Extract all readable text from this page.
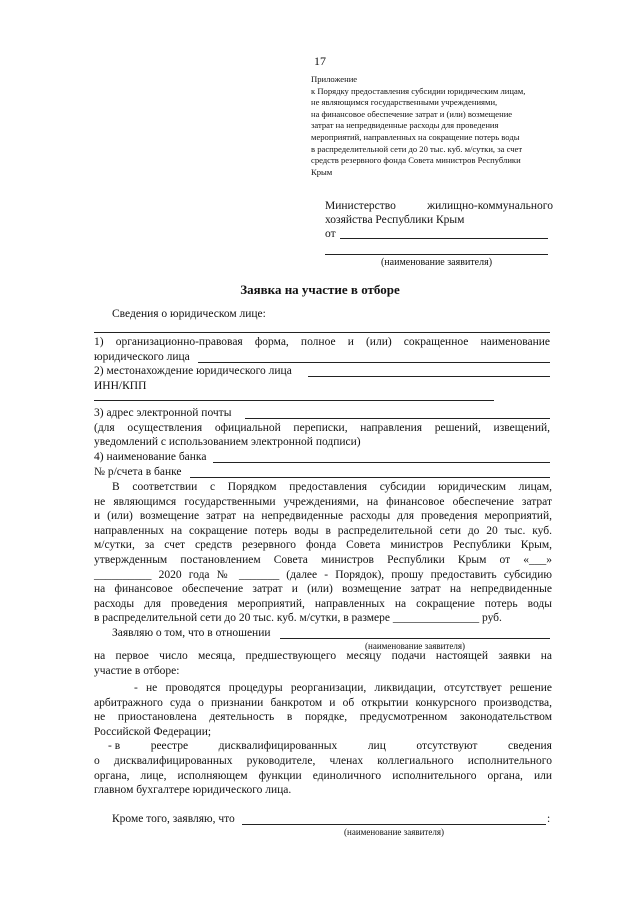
17
Приложение
к Порядку предоставления субсидии юридическим лицам,
не являющимся государственными учреждениями,
на финансовое обеспечение затрат и (или) возмещение
затрат на непредвиденные расходы для проведения
мероприятий, направленных на сокращение потерь воды
в распределительной сети до 20 тыс. куб. м/сутки, за счет
средств резервного фонда Совета министров Республики
Крым
Министерство	жилищно-коммунального
хозяйства Республики Крым
от
(наименование заявителя)
Заявка на участие в отборе
Сведения о юридическом лице:
1) организационно-правовая форма, полное и (или) сокращенное наименование
юридического лица
2) местонахождение юридического лица
ИНН/КПП
3) адрес электронной почты
(для осуществления официальной переписки, направления решений, извещений,
уведомлений с использованием электронной подписи)
4) наименование банка
№ р/счета в банке
В соответствии с Порядком предоставления субсидии юридическим лицам,
не являющимся государственными учреждениями, на финансовое обеспечение затрат
и (или) возмещение затрат на непредвиденные расходы для проведения мероприятий,
направленных на сокращение потерь воды в распределительной сети до 20 тыс. куб.
м/сутки, за счет средств резервного фонда Совета министров Республики Крым,
утвержденным постановлением Совета министров Республики Крым от «___»
__________ 2020 года № _______ (далее - Порядок), прошу предоставить субсидию
на финансовое обеспечение затрат и (или) возмещение затрат на непредвиденные
расходы для проведения мероприятий, направленных на сокращение потерь воды
в распределительной сети до 20 тыс. куб. м/сутки, в размере _______________ руб.
Заявляю о том, что в отношении
(наименование заявителя)
на первое число месяца, предшествующего месяцу подачи настоящей заявки на
участие в отборе:
- не проводятся процедуры реорганизации, ликвидации, отсутствует решение
арбитражного суда о признании банкротом и об открытии конкурсного производства,
не приостановлена деятельность в порядке, предусмотренном законодательством
Российской Федерации;
- в	реестре	дисквалифицированных	лиц	отсутствуют	сведения
о дисквалифицированных руководителе, членах коллегиального исполнительного
органа, лице, исполняющем функции единоличного исполнительного органа, или
главном бухгалтере юридического лица.
Кроме того, заявляю, что	:
(наименование заявителя)
